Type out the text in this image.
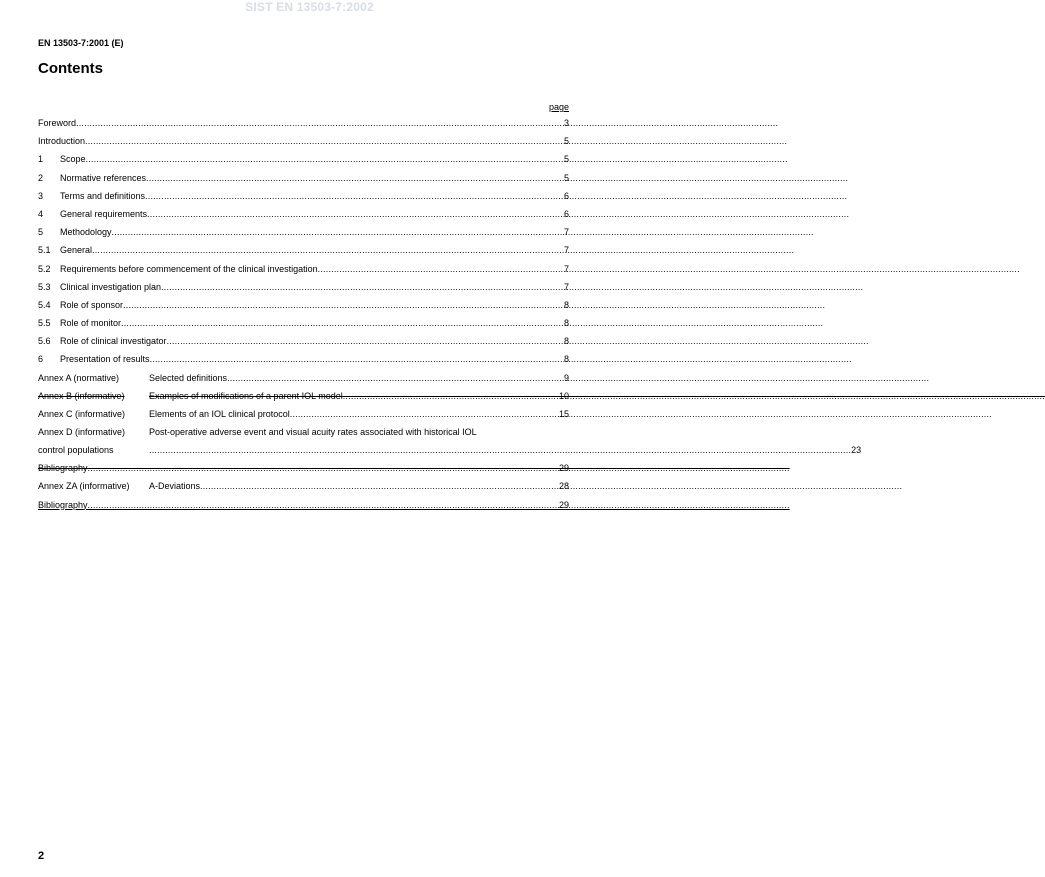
SIST EN 13503-7:2002
EN 13503-7:2001 (E)
Contents
page
Foreword .....	3
Introduction .....	5
1	Scope .....	5
2	Normative references .....	5
3	Terms and definitions .....	6
4	General requirements .....	6
5	Methodology .....	7
5.1	General .....	7
5.2	Requirements before commencement of the clinical investigation .....	7
5.3	Clinical investigation plan .....	7
5.4	Role of sponsor .....	8
5.5	Role of monitor .....	8
5.6	Role of clinical investigator .....	8
6	Presentation of results .....	8
Annex A (normative)	Selected definitions .....	9
Annex B (informative)	Examples of modifications of a parent IOL model .....	10
Annex C (informative)	Elements of an IOL clinical protocol .....	15
Annex D (informative)	Post-operative adverse event and visual acuity rates associated with historical IOL
control populations .....	23
Bibliography .....	29
Annex ZA (informative)	A-Deviations .....	28
Bibliography .....	29
2
